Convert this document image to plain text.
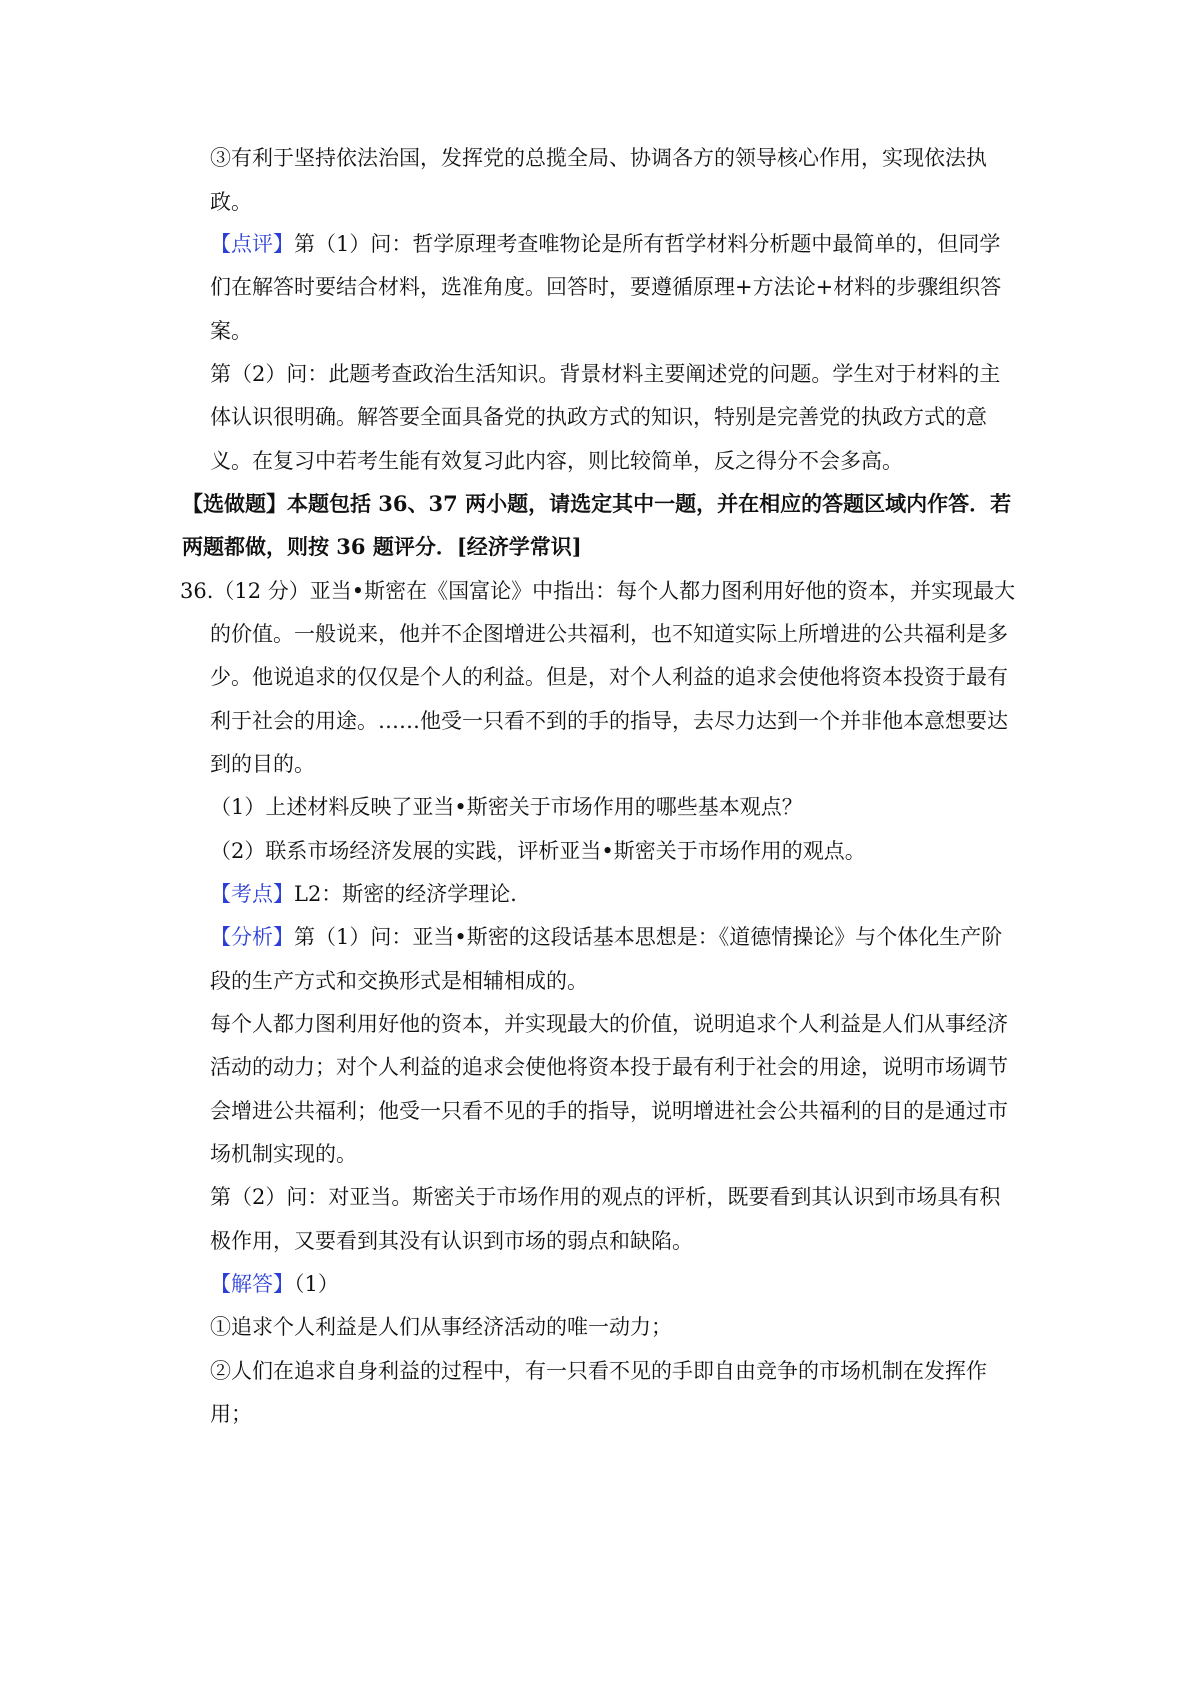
③有利于坚持依法治国，发挥党的总揽全局、协调各方的领导核心作用，实现依法执
政。
【点评】第（1）问：哲学原理考查唯物论是所有哲学材料分析题中最简单的，但同学
们在解答时要结合材料，选准角度。回答时，要遵循原理+方法论+材料的步骤组织答
案。
第（2）问：此题考查政治生活知识。背景材料主要阐述党的问题。学生对于材料的主
体认识很明确。解答要全面具备党的执政方式的知识，特别是完善党的执政方式的意
义。在复习中若考生能有效复习此内容，则比较简单，反之得分不会多高。
【选做题】本题包括 36、37 两小题，请选定其中一题，并在相应的答题区域内作答．若
两题都做，则按 36 题评分．[经济学常识]
36.（12 分）亚当•斯密在《国富论》中指出：每个人都力图利用好他的资本，并实现最大
的价值。一般说来，他并不企图增进公共福利，也不知道实际上所增进的公共福利是多
少。他说追求的仅仅是个人的利益。但是，对个人利益的追求会使他将资本投资于最有
利于社会的用途。……他受一只看不到的手的指导，去尽力达到一个并非他本意想要达
到的目的。
（1）上述材料反映了亚当•斯密关于市场作用的哪些基本观点？
（2）联系市场经济发展的实践，评析亚当•斯密关于市场作用的观点。
【考点】L2：斯密的经济学理论．
【分析】第（1）问：亚当•斯密的这段话基本思想是：《道德情操论》与个体化生产阶
段的生产方式和交换形式是相辅相成的。
每个人都力图利用好他的资本，并实现最大的价值，说明追求个人利益是人们从事经济
活动的动力；对个人利益的追求会使他将资本投于最有利于社会的用途，说明市场调节
会增进公共福利；他受一只看不见的手的指导，说明增进社会公共福利的目的是通过市
场机制实现的。
第（2）问：对亚当。斯密关于市场作用的观点的评析，既要看到其认识到市场具有积
极作用，又要看到其没有认识到市场的弱点和缺陷。
【解答】（1）
①追求个人利益是人们从事经济活动的唯一动力；
②人们在追求自身利益的过程中，有一只看不见的手即自由竞争的市场机制在发挥作
用；
